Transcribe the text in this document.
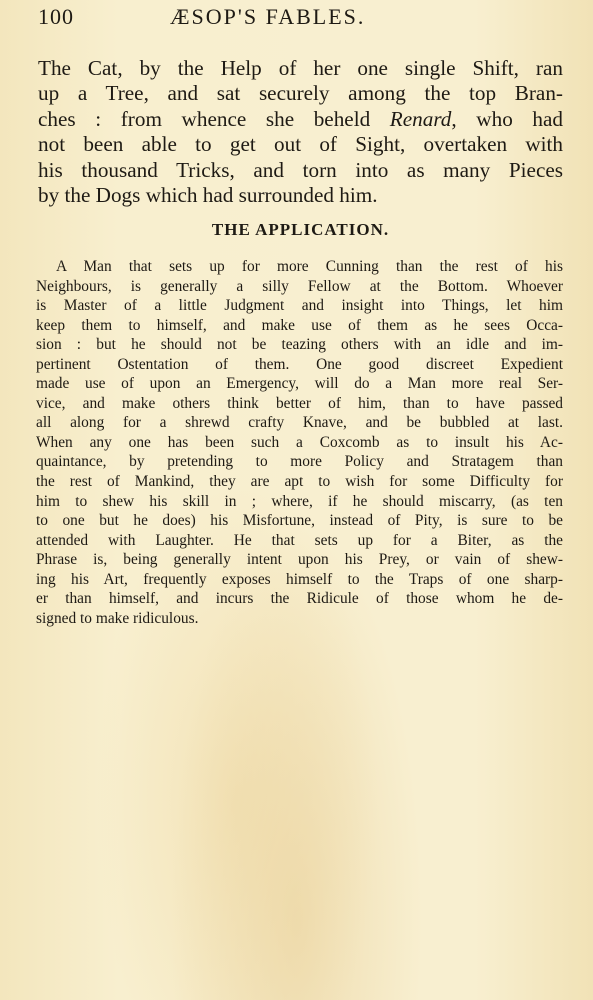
100	ÆSOP'S FABLES.
The Cat, by the Help of her one single Shift, ran
up a Tree, and sat securely among the top Bran-
ches : from whence she beheld Renard, who had
not been able to get out of Sight, overtaken with
his thousand Tricks, and torn into as many Pieces
by the Dogs which had surrounded him.
THE APPLICATION.
A Man that sets up for more Cunning than the rest of his
Neighbours, is generally a silly Fellow at the Bottom. Whoever
is Master of a little Judgment and insight into Things, let him
keep them to himself, and make use of them as he sees Occa-
sion : but he should not be teazing others with an idle and im-
pertinent Ostentation of them. One good discreet Expedient
made use of upon an Emergency, will do a Man more real Ser-
vice, and make others think better of him, than to have passed
all along for a shrewd crafty Knave, and be bubbled at last.
When any one has been such a Coxcomb as to insult his Ac-
quaintance, by pretending to more Policy and Stratagem than
the rest of Mankind, they are apt to wish for some Difficulty for
him to shew his skill in ; where, if he should miscarry, (as ten
to one but he does) his Misfortune, instead of Pity, is sure to be
attended with Laughter. He that sets up for a Biter, as the
Phrase is, being generally intent upon his Prey, or vain of shew-
ing his Art, frequently exposes himself to the Traps of one sharp-
er than himself, and incurs the Ridicule of those whom he de-
signed to make ridiculous.
